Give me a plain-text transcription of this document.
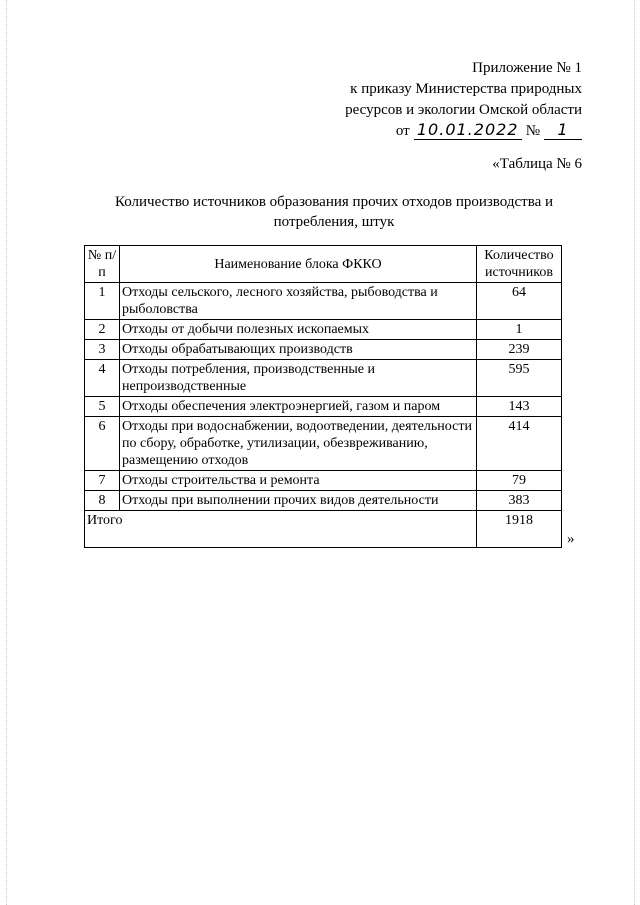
Приложение № 1
к приказу Министерства природных
ресурсов и экологии Омской области
от 10.01.2022 №	1
«Таблица № 6
Количество источников образования прочих отходов производства и потребления, штук
№ п/п	Наименование блока ФККО	Количество источников
1	Отходы сельского, лесного хозяйства, рыбоводства и рыболовства	64
2	Отходы от добычи полезных ископаемых	1
3	Отходы обрабатывающих производств	239
4	Отходы потребления, производственные и непроизводственные	595
5	Отходы обеспечения электроэнергией, газом и паром	143
6	Отходы при водоснабжении, водоотведении, деятельности по сбору, обработке, утилизации, обезвреживанию, размещению отходов	414
7	Отходы строительства и ремонта	79
8	Отходы при выполнении прочих видов деятельности	383
Итого		1918
»
